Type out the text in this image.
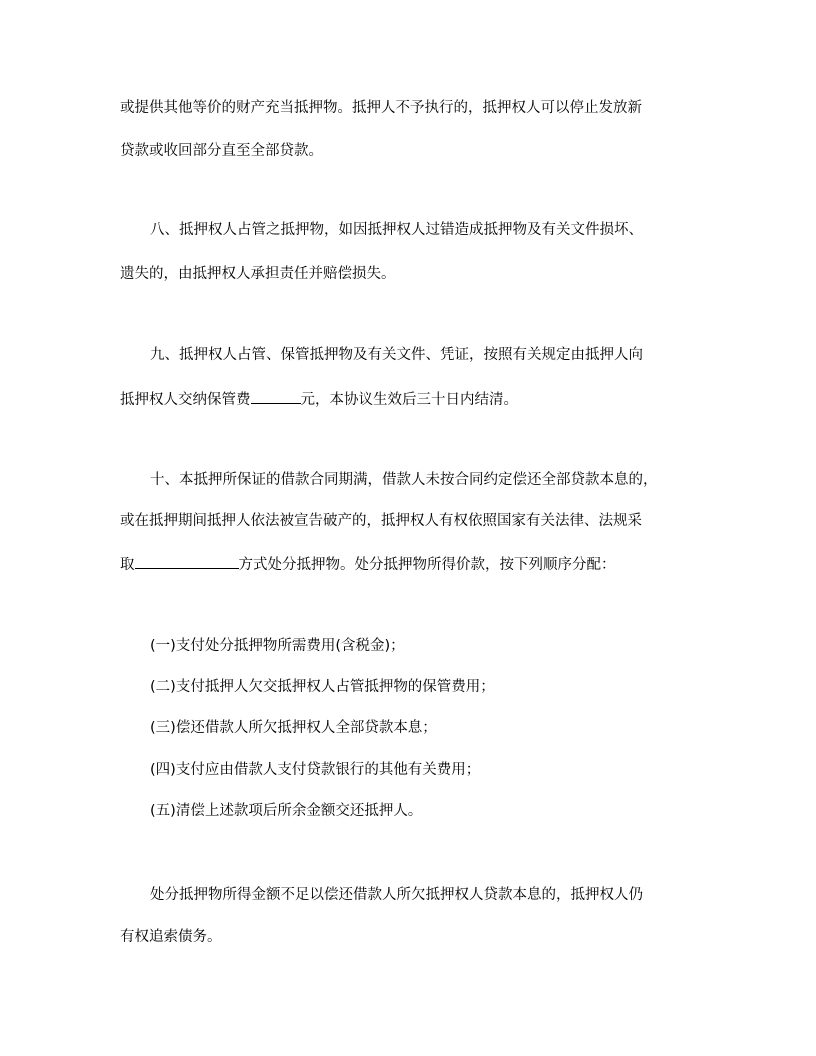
或提供其他等价的财产充当抵押物。抵押人不予执行的，抵押权人可以停止发放新
贷款或收回部分直至全部贷款。
八、抵押权人占管之抵押物，如因抵押权人过错造成抵押物及有关文件损坏、
遗失的，由抵押权人承担责任并赔偿损失。
九、抵押权人占管、保管抵押物及有关文件、凭证，按照有关规定由抵押人向
抵押权人交纳保管费	元，本协议生效后三十日内结清。
十、本抵押所保证的借款合同期满，借款人未按合同约定偿还全部贷款本息的，
或在抵押期间抵押人依法被宣告破产的，抵押权人有权依照国家有关法律、法规采
取	方式处分抵押物。处分抵押物所得价款，按下列顺序分配：
(一)支付处分抵押物所需费用(含税金)；
(二)支付抵押人欠交抵押权人占管抵押物的保管费用；
(三)偿还借款人所欠抵押权人全部贷款本息；
(四)支付应由借款人支付贷款银行的其他有关费用；
(五)清偿上述款项后所余金额交还抵押人。
处分抵押物所得金额不足以偿还借款人所欠抵押权人贷款本息的，抵押权人仍
有权追索债务。
